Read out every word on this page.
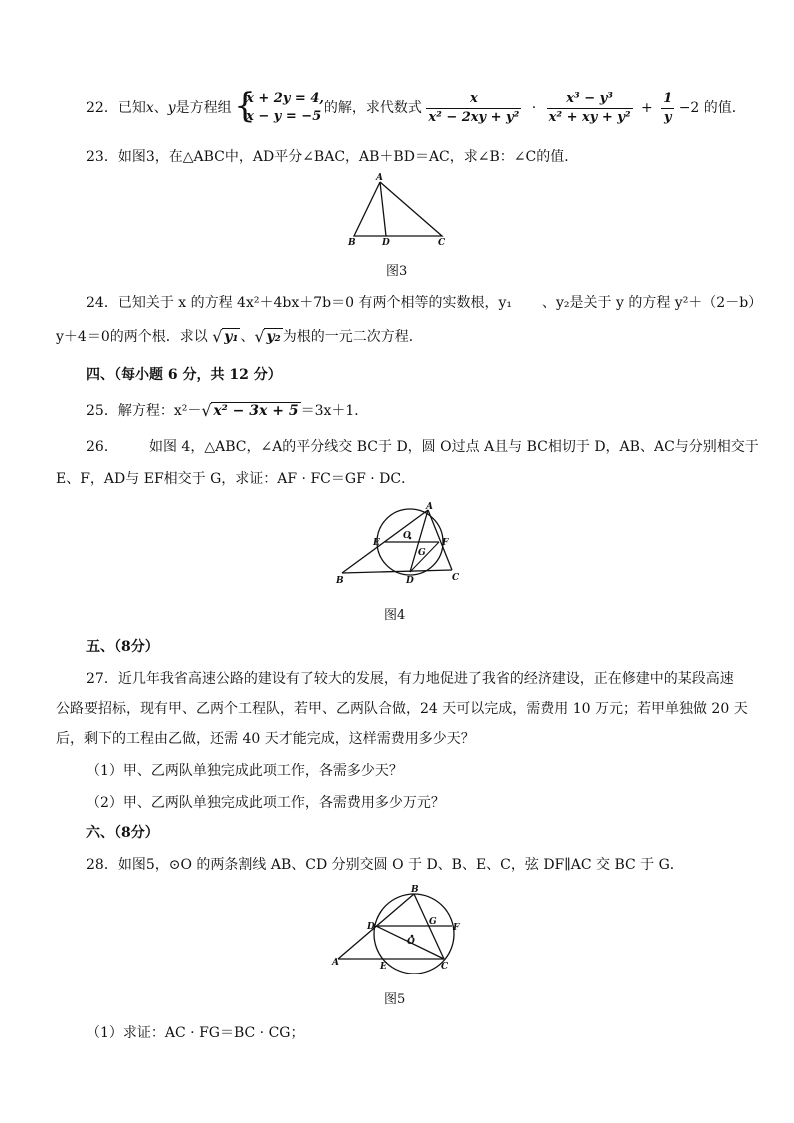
22．已知x、y是方程组 {
x + 2y = 4,
x − y = −5
的解，求代数式 $\frac{x}{\text{x² − 2xy + y²}} \cdot \frac{\text{x³ − y³}}{\text{x² + xy + y²}} + \frac{1}{y} -2$ 的值．
23．如图3，在△ABC中，AD平分∠BAC，AB＋BD＝AC，求∠B：∠C的值．
A
B	D	C
图3
24．已知关于 x 的方程 4x²＋4bx＋7b＝0 有两个相等的实数根，y₁ 、y₂是关于 y 的方程 y²＋（2－b）
y＋4＝0的两个根．求以 √ y₁ 、 √ y₂ 为根的一元二次方程．
四、（每小题 6 分，共 12 分）
25．解方程：x²－ √ x² − 3x + 5 ＝3x＋1．
26．       如图 4，△ABC，∠A的平分线交 BC于 D，圆 O过点 A且与 BC相切于 D，AB、AC与分别相交于
E、F，AD与 EF相交于 G，求证：AF · FC＝GF · DC．
A
E
O
F
G
B	D	C
图4
五、（8分）
27．近几年我省高速公路的建设有了较大的发展，有力地促进了我省的经济建设，正在修建中的某段高速
公路要招标，现有甲、乙两个工程队，若甲、乙两队合做，24 天可以完成，需费用 10 万元；若甲单独做 20 天
后，剩下的工程由乙做，还需 40 天才能完成，这样需费用多少天？
（1）甲、乙两队单独完成此项工作，各需多少天？
（2）甲、乙两队单独完成此项工作，各需费用多少万元？
六、（8分）
28．如图5，⊙O 的两条割线 AB、CD 分别交圆 O 于 D、B、E、C，弦 DF∥AC 交 BC 于 G．
B
D	G
F
O
A	E	C
图5
（1）求证：AC · FG＝BC · CG；
